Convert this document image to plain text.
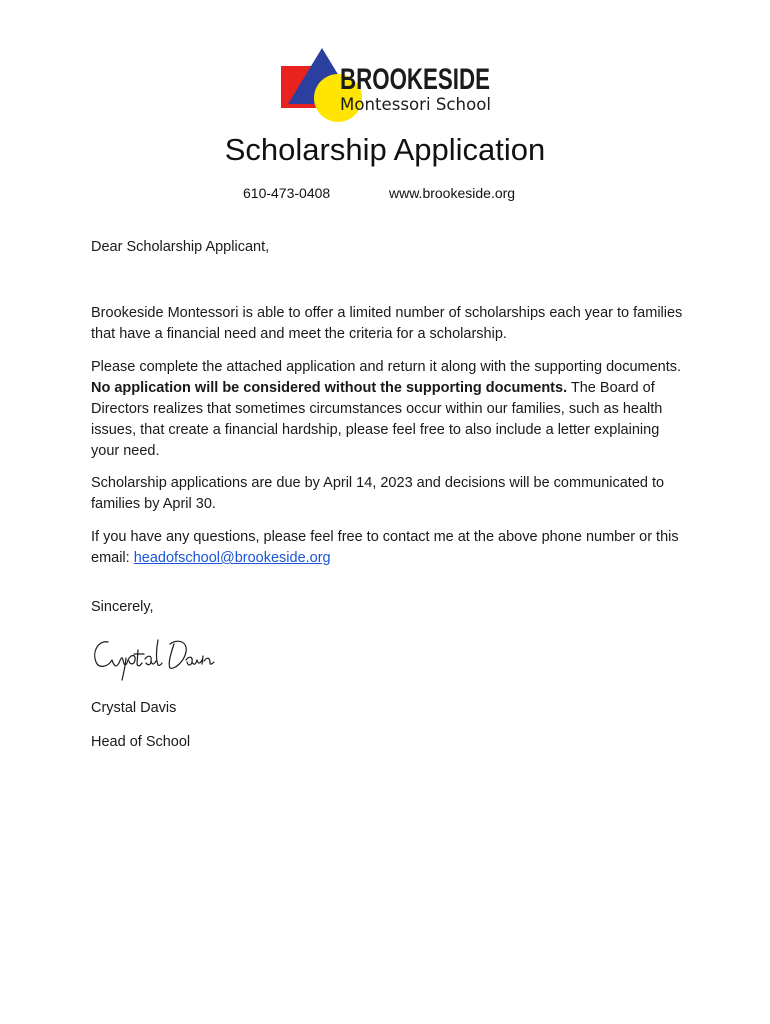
BROOKESIDE
Montessori School
Scholarship Application
610-473-0408	www.brookeside.org

Dear Scholarship Applicant,

Brookeside Montessori is able to offer a limited number of scholarships each year to families that have a financial need and meet the criteria for a scholarship.

Please complete the attached application and return it along with the supporting documents.  No application will be considered without the supporting documents. The Board of Directors realizes that sometimes circumstances occur within our families, such as health issues, that create a financial hardship, please feel free to also include a letter explaining your need.

Scholarship applications are due by April 14, 2023 and decisions will be communicated to families by April 30.

If you have any questions, please feel free to contact me at the above phone number or this email: headofschool@brookeside.org

Sincerely,

Crystal Davis

Head of School
